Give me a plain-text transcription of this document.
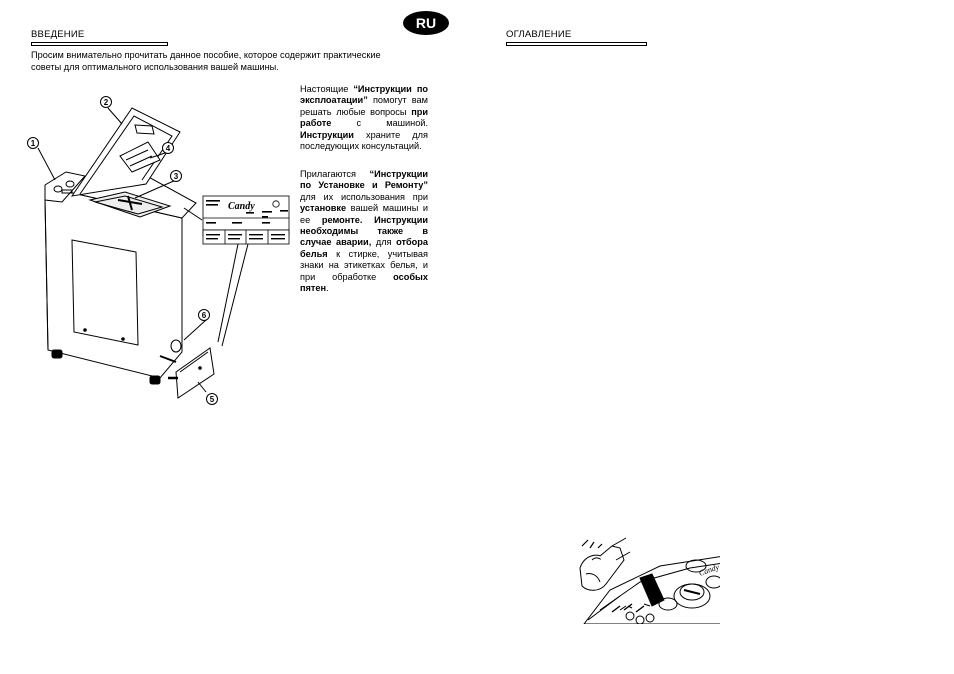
ВВЕДЕНИЕ
Просим внимательно прочитать данное пособие, которое содержит практические
советы для оптимального использования вашей машины.
RU
Настоящие “Инструкции по эксплоатации” помогут вам решать любые вопросы при работе с машиной. Инструкции храните для последующих консультаций.
Прилагаются “Инструкции по Установке и Ремонту” для их использования при установке вашей машины и ее ремонте. Инструкции необходимы также в случае аварии, для отбора белья к стирке, учитывая знаки на этикетках белья, и при обработке особых пятен.
Candy
1
2
3
4
5
6
ОГЛАВЛЕНИЕ
Candy
